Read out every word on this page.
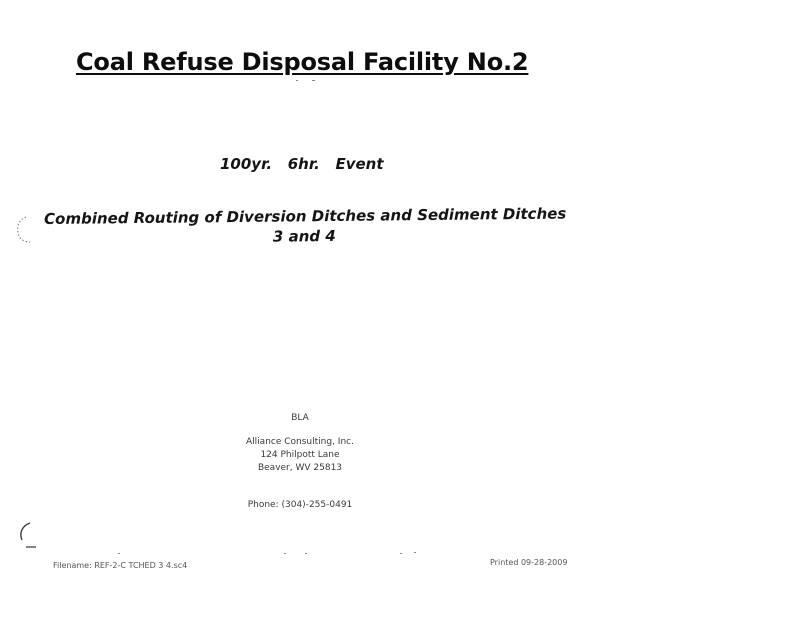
Coal Refuse Disposal Facility No.2
100yr.   6hr.   Event
Combined Routing of Diversion Ditches and Sediment Ditches
3 and 4
BLA
Alliance Consulting, Inc.
124 Philpott Lane
Beaver, WV 25813
Phone: (304)-255-0491
Filename: REF-2-C TCHED 3 4.sc4	Printed 09-28-2009
